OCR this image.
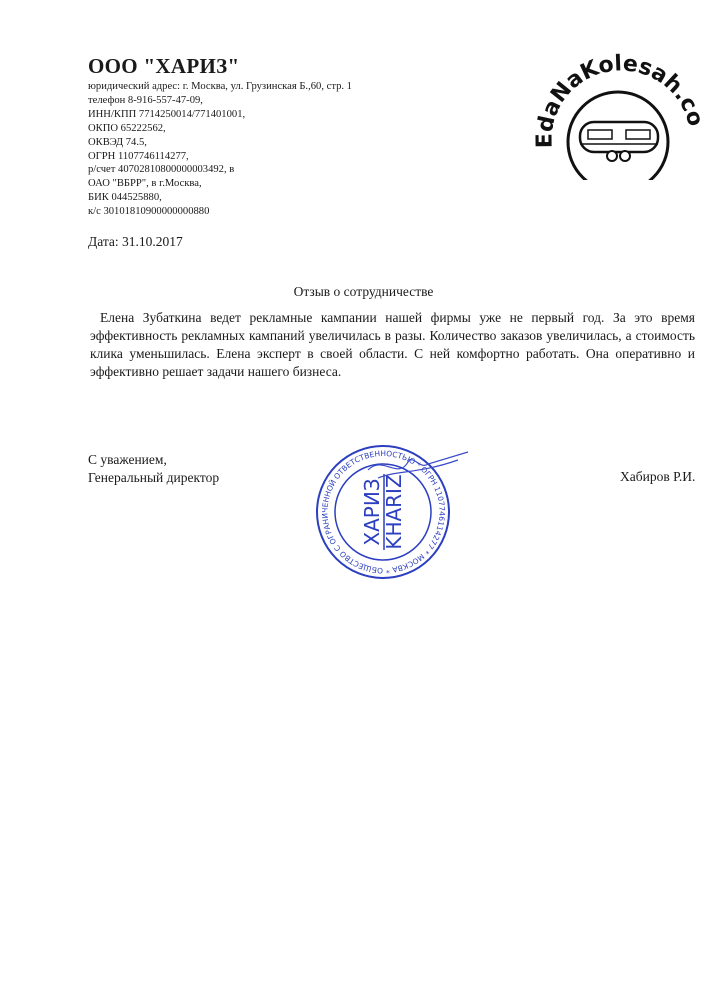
ООО "ХАРИЗ"
юридический адрес: г. Москва, ул. Грузинская Б.,60, стр. 1
телефон 8-916-557-47-09,
ИНН/КПП 7714250014/771401001,
ОКПО 65222562,
ОКВЭД 74.5,
ОГРН 1107746114277,
р/счет 40702810800000003492, в
ОАО "ВБРР", в г.Москва,
БИК 044525880,
к/с 30101810900000000880
EdaNaKolesah.c
Дата: 31.10.2017
Отзыв о сотрудничестве
Елена Зубаткина ведет рекламные кампании нашей фирмы уже не первый год. За это время эффективность рекламных кампаний увеличилась в разы. Количество заказов увеличилась, а стоимость клика уменьшилась. Елена эксперт в своей области. С ней комфортно работать. Она оперативно и эффективно решает задачи нашего бизнеса.
С уважением,
Генеральный директор	Хабиров Р.И.
ОБЩЕСТВО С ОГРАНИЧЕННОЙ ОТВЕТСТВЕННОСТЬЮ * ОГРН 1107746114277 * МОСКВА *
ХАРИЗ
KHARIZ
